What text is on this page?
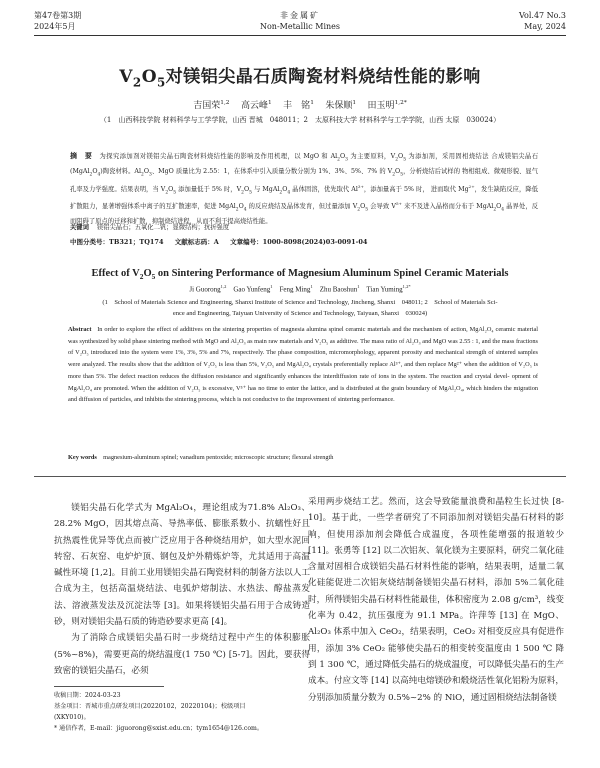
第47卷第3期
2024年5月
非金属矿
Non-Metallic Mines
Vol.47 No.3
May, 2024
$V_2O_5$对镁铝尖晶石质陶瓷材料烧结性能的影响
吉国荣$^{1,2}$ 高云峰$^1$ 丰　铭$^1$ 朱保顺$^1$ 田玉明$^{1,2*}$
（1　山西科技学院 材料科学与工学学院，山西 晋城　048011；2　太原科技大学 材料科学与工学学院，山西 太原　030024）
摘　要 为探究添加剂对镁铝尖晶石陶瓷材料烧结性能的影响及作用机理，以 MgO 和 $Al_2O_3$ 为主要原料，$V_2O_5$ 为添加剂，采用固相烧结法 合成镁铝尖晶石$(MgAl_2O_4)$陶瓷材料。$Al_2O_3$、MgO 质量比为 2.55：1，在体系中引入质量分数分别为 1%、3%、5%、7% 的 $V_2O_5$，分析烧结后试样的 物相组成、微观形貌、显气孔率及力学强度。结果表明，当 $V_2O_5$ 添加量低于 5% 时，$V_2O_5$ 与 $MgAl_2O_4$ 晶体固溶，优先取代 $Al^{3+}$，添加量高于 5% 时， 进而取代 $Mg^{2+}$，发生缺陷反应，降低扩散阻力，显著增强体系中离子的互扩散速率，促进 $MgAl_2O_4$ 的反应烧结及晶体发育，但过量添加 $V_2O_5$ 会导致 $V^{5+}$ 来不及进入晶格而分布于 $MgAl_2O_4$ 晶界处，反而阻碍了原点的迁移和扩散，抑制烧结进程，从而不利于提高烧结性能。
关键词 镁铝尖晶石；五氧化二钒；显微结构；抗折强度
中图分类号：TB321；TQ174 文献标志码：A 文章编号：1000-8098(2024)03-0091-04
Effect of $V_2O_5$ on Sintering Performance of Magnesium Aluminum Spinel Ceramic Materials
Ji Guorong$^{1,2}$ Gao Yunfeng$^1$ Feng Ming$^1$ Zhu Baoshun$^1$ Tian Yuming$^{1,2*}$
(1　School of Materials Science and Engineering, Shanxi Institute of Science and Technology, Jincheng, Shanxi　048011; 2　School of Materials Sci-
ence and Engineering, Taiyuan University of Science and Technology, Taiyuan, Shanxi　030024)
Abstract In order to explore the effect of additives on the sintering properties of magnesia alumina spinel ceramic materials and the mechanism of action, MgAl₂O₄ ceramic material was synthesized by solid phase sintering method with MgO and Al₂O₃ as main raw materials and V₂O₅ as additive. The mass ratio of Al₂O₃ and MgO was 2.55 : 1, and the mass fractions of V₂O₅ introduced into the system were 1%, 3%, 5% and 7%, respectively. The phase composition, micromorphology, apparent porosity and mechanical strength of sintered samples were analyzed. The results show that the addition of V₂O₅ is less than 5%, V₂O₅ and MgAl₂O₄ crystals preferentially replace Al³⁺, and then replace Mg²⁺ when the addition of V₂O₅ is more than 5%. The defect reaction reduces the diffusion resistance and significantly enhances the interdiffusion rate of ions in the system. The reaction and crystal devel- opment of MgAl₂O₄ are promoted. When the addition of V₂O₅ is excessive, V⁵⁺ has no time to enter the lattice, and is distributed at the grain boundary of MgAl₂O₄, which hinders the migration and diffusion of particles, and inhibits the sintering process, which is not conducive to the improvement of sintering performance.
Key words magnesium-aluminum spinel; vanadium pentoxide; microscopic structure; flexural strength

镁铝尖晶石化学式为 MgAl₂O₄，理论组成为71.8% Al₂O₃、28.2% MgO，因其熔点高、导热率低、膨胀系数小、抗蠕性好且抗热震性优异等优点而被广泛应用于各种烧结用炉，如大型水泥回转窑、石灰窑、电炉炉顶、钢包及炉外精炼炉等，尤其适用于高温碱性环境 [1,2]。目前工业用镁铝尖晶石陶瓷材料的制备方法以人工合成为主，包括高温烧结法、电弧炉熔制法、水热法、醇盐蒸发法、溶液蒸发法及沉淀法等 [3]。如果将镁铝尖晶石用于合成铸造砂，则对镁铝尖晶石质的铸造砂要求更高 [4]。

为了消除合成镁铝尖晶石时一步烧结过程中产生的体积膨胀(5%~8%)，需要更高的烧结温度(1 750 ℃) [5-7]。因此，要获得致密的镁铝尖晶石，必须

采用两步烧结工艺。然而，这会导致能量浪费和晶粒生长过快 [8-10]。基于此，一些学者研究了不同添加剂对镁铝尖晶石材料的影响，但使用添加剂会降低合成温度，各项性能增强的报道较少 [11]。张勇等 [12] 以二次铝灰、氧化镁为主要原料，研究二氧化硅含量对固相合成镁铝尖晶石材料性能的影响，结果表明，适量二氧化硅能促进二次铝灰烧结制备镁铝尖晶石材料，添加 5%二氧化硅时，所得镁铝尖晶石材料性能最佳，体积密度为 2.08 g/cm³，线变化率为 0.42，抗压强度为 91.1 MPa。许萍等 [13] 在 MgO、Al₂O₃ 体系中加入 CeO₂，结果表明，CeO₂ 对相变反应具有促进作用，添加 3% CeO₂ 能够使尖晶石的相变转变温度由 1 500 ℃ 降到 1 300 ℃，通过降低尖晶石的烧成温度，可以降低尖晶石的生产成本。付应文等 [14] 以高纯电熔镁砂和煅烧活性氧化铝粉为原料，分别添加质量分数为 0.5%~2% 的 NiO，通过固相烧结法制备镁

收稿日期：2024-03-23
基金项目：晋城市重点研发项目(20220102，20220104)；校级项目
(XKY010)。
* 通信作者，E-mail：jiguorong@sxist.edu.cn；tym1654@126.com。
